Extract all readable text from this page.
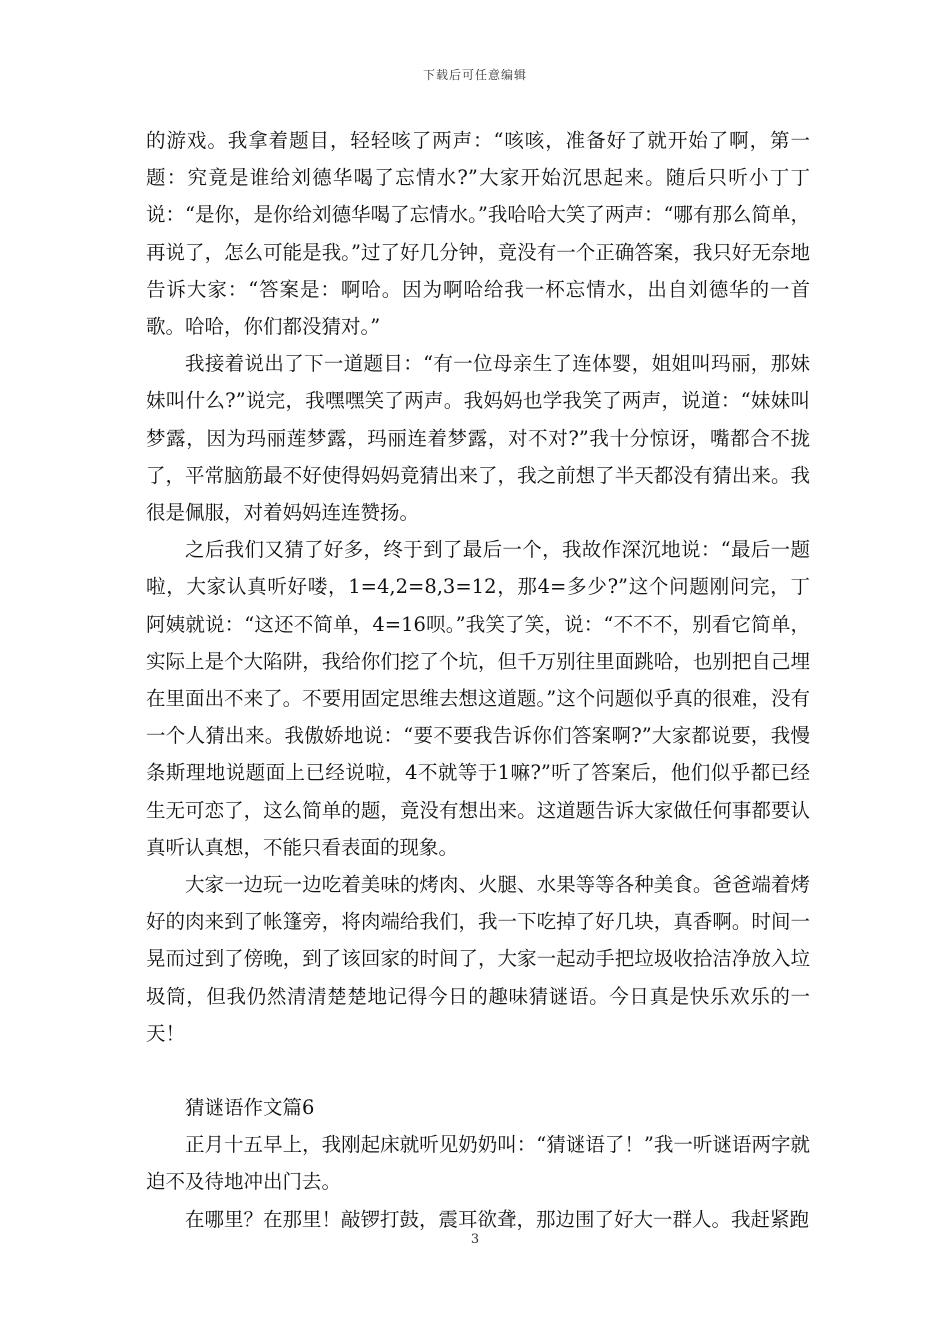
下载后可任意编辑

的游戏。我拿着题目，轻轻咳了两声：“咳咳，准备好了就开始了啊，第一题：究竟是谁给刘德华喝了忘情水?”大家开始沉思起来。随后只听小丁丁说：“是你，是你给刘德华喝了忘情水。”我哈哈大笑了两声：“哪有那么简单，再说了，怎么可能是我。”过了好几分钟，竟没有一个正确答案，我只好无奈地告诉大家：“答案是：啊哈。因为啊哈给我一杯忘情水，出自刘德华的一首歌。哈哈，你们都没猜对。”

我接着说出了下一道题目：“有一位母亲生了连体婴，姐姐叫玛丽，那妹妹叫什么?”说完，我嘿嘿笑了两声。我妈妈也学我笑了两声，说道：“妹妹叫梦露，因为玛丽莲梦露，玛丽连着梦露，对不对?”我十分惊讶，嘴都合不拢了，平常脑筋最不好使得妈妈竟猜出来了，我之前想了半天都没有猜出来。我很是佩服，对着妈妈连连赞扬。

之后我们又猜了好多，终于到了最后一个，我故作深沉地说：“最后一题啦，大家认真听好喽，1=4,2=8,3=12，那4=多少?”这个问题刚问完，丁阿姨就说：“这还不简单，4=16呗。”我笑了笑，说：“不不不，别看它简单，实际上是个大陷阱，我给你们挖了个坑，但千万别往里面跳哈，也别把自己埋在里面出不来了。不要用固定思维去想这道题。”这个问题似乎真的很难，没有一个人猜出来。我傲娇地说：“要不要我告诉你们答案啊?”大家都说要，我慢条斯理地说题面上已经说啦，4不就等于1嘛?”听了答案后，他们似乎都已经生无可恋了，这么简单的题，竟没有想出来。这道题告诉大家做任何事都要认真听认真想，不能只看表面的现象。

大家一边玩一边吃着美味的烤肉、火腿、水果等等各种美食。爸爸端着烤好的肉来到了帐篷旁，将肉端给我们，我一下吃掉了好几块，真香啊。时间一晃而过到了傍晚，到了该回家的时间了，大家一起动手把垃圾收拾洁净放入垃圾筒，但我仍然清清楚楚地记得今日的趣味猜谜语。今日真是快乐欢乐的一天！

猜谜语作文篇6

正月十五早上，我刚起床就听见奶奶叫：“猜谜语了！”我一听谜语两字就迫不及待地冲出门去。

在哪里？在那里！敲锣打鼓，震耳欲聋，那边围了好大一群人。我赶紧跑

3
